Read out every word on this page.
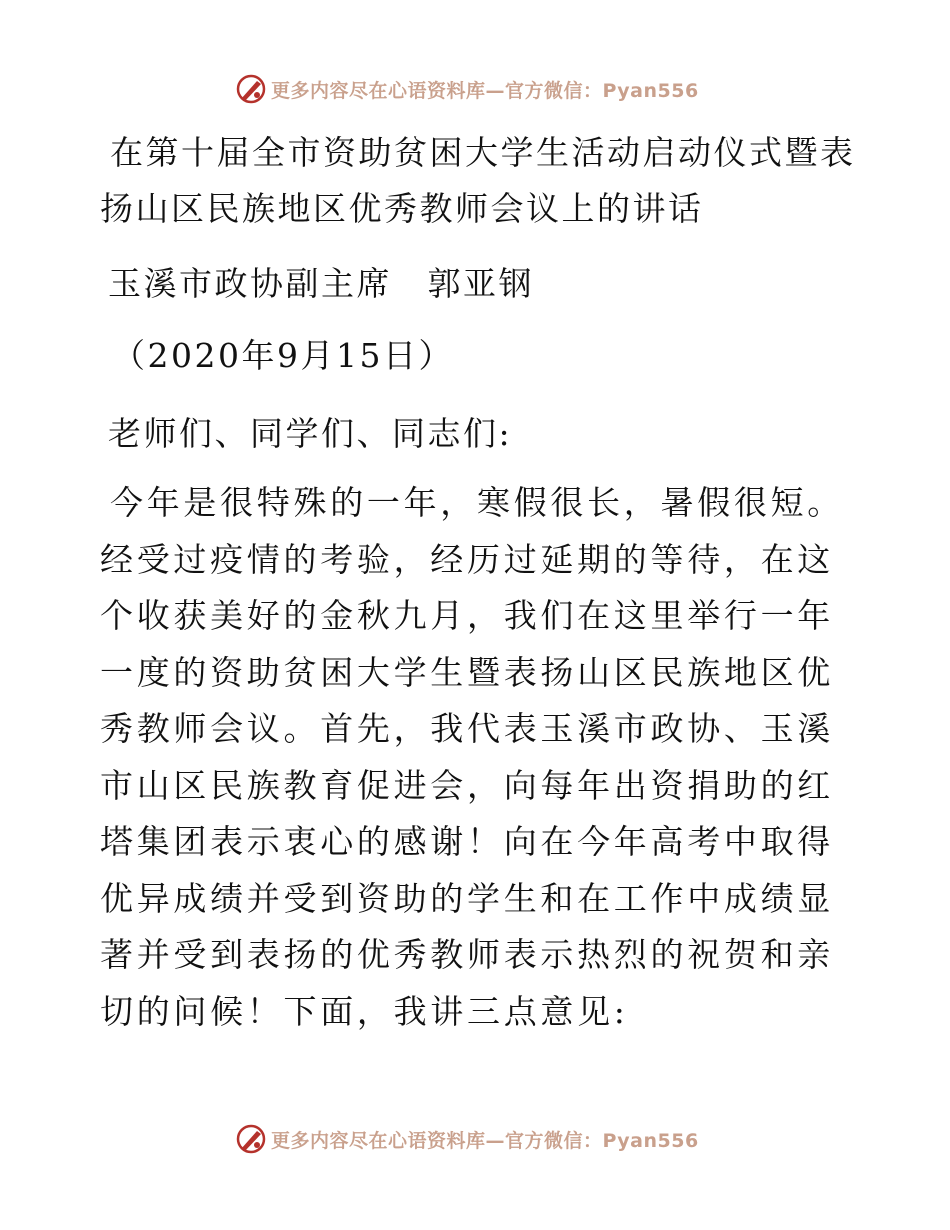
更多内容尽在心语资料库—官方微信：Pyan556
在第十届全市资助贫困大学生活动启动仪式暨表扬山区民族地区优秀教师会议上的讲话
玉溪市政协副主席　郭亚钢
（2020年9月15日）
老师们、同学们、同志们:

今年是很特殊的一年，寒假很长，暑假很短。经受过疫情的考验，经历过延期的等待，在这个收获美好的金秋九月，我们在这里举行一年一度的资助贫困大学生暨表扬山区民族地区优秀教师会议。首先，我代表玉溪市政协、玉溪市山区民族教育促进会，向每年出资捐助的红塔集团表示衷心的感谢！向在今年高考中取得优异成绩并受到资助的学生和在工作中成绩显著并受到表扬的优秀教师表示热烈的祝贺和亲切的问候！下面，我讲三点意见:

更多内容尽在心语资料库—官方微信：Pyan556
